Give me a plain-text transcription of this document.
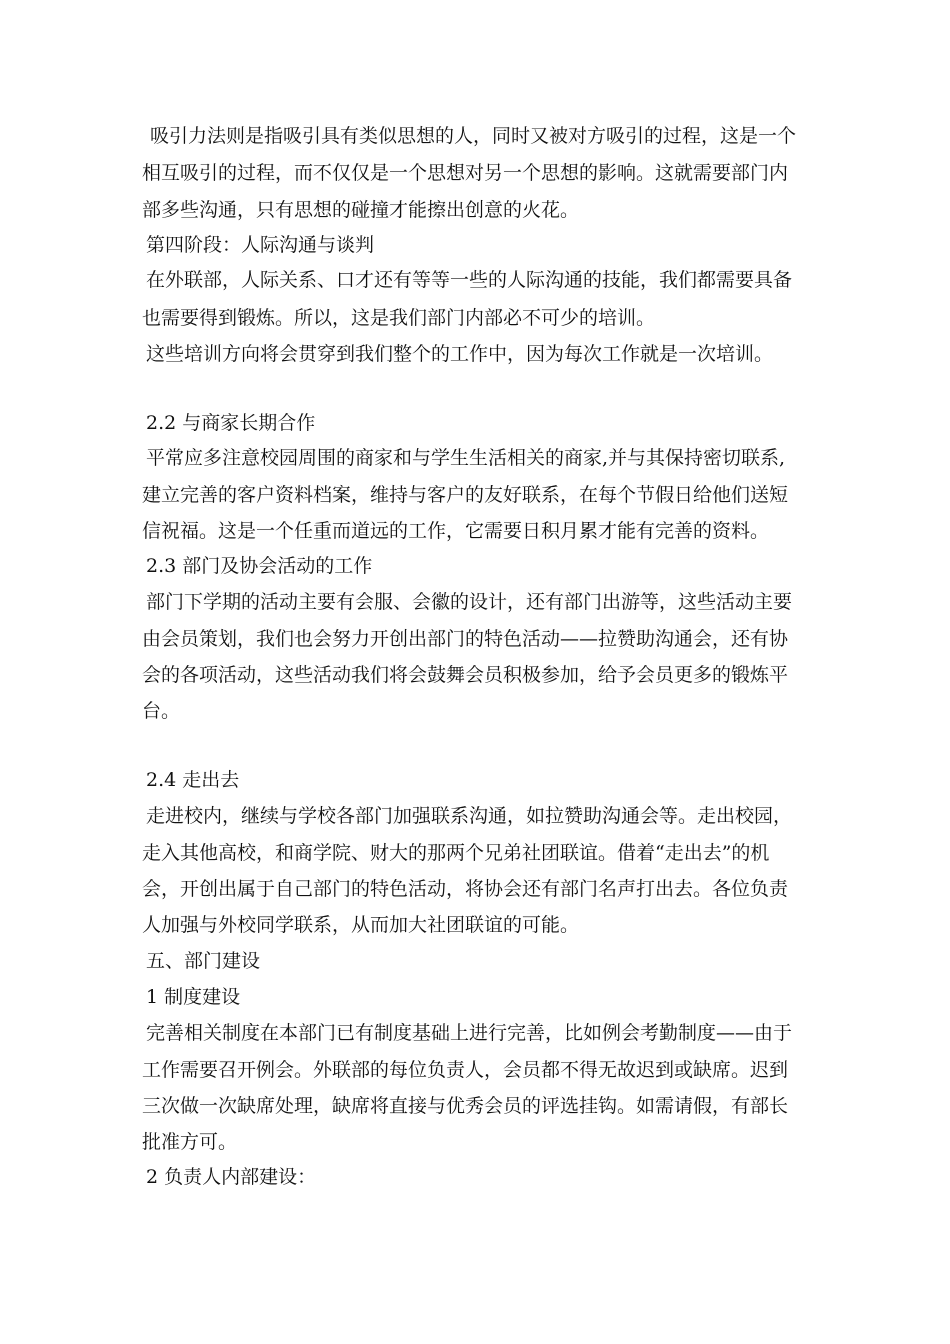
吸引力法则是指吸引具有类似思想的人，同时又被对方吸引的过程，这是一个
相互吸引的过程，而不仅仅是一个思想对另一个思想的影响。这就需要部门内
部多些沟通，只有思想的碰撞才能擦出创意的火花。
第四阶段：人际沟通与谈判
在外联部，人际关系、口才还有等等一些的人际沟通的技能，我们都需要具备
也需要得到锻炼。所以，这是我们部门内部必不可少的培训。
这些培训方向将会贯穿到我们整个的工作中，因为每次工作就是一次培训。
2.2 与商家长期合作
平常应多注意校园周围的商家和与学生生活相关的商家,并与其保持密切联系,
建立完善的客户资料档案，维持与客户的友好联系，在每个节假日给他们送短
信祝福。这是一个任重而道远的工作，它需要日积月累才能有完善的资料。
2.3 部门及协会活动的工作
部门下学期的活动主要有会服、会徽的设计，还有部门出游等，这些活动主要
由会员策划，我们也会努力开创出部门的特色活动——拉赞助沟通会，还有协
会的各项活动，这些活动我们将会鼓舞会员积极参加，给予会员更多的锻炼平
台。
2.4 走出去
走进校内，继续与学校各部门加强联系沟通，如拉赞助沟通会等。走出校园，
走入其他高校，和商学院、财大的那两个兄弟社团联谊。借着“走出去”的机
会，开创出属于自己部门的特色活动，将协会还有部门名声打出去。各位负责
人加强与外校同学联系，从而加大社团联谊的可能。
五、部门建设
1 制度建设
完善相关制度在本部门已有制度基础上进行完善，比如例会考勤制度——由于
工作需要召开例会。外联部的每位负责人，会员都不得无故迟到或缺席。迟到
三次做一次缺席处理，缺席将直接与优秀会员的评选挂钩。如需请假，有部长
批准方可。
2 负责人内部建设：
